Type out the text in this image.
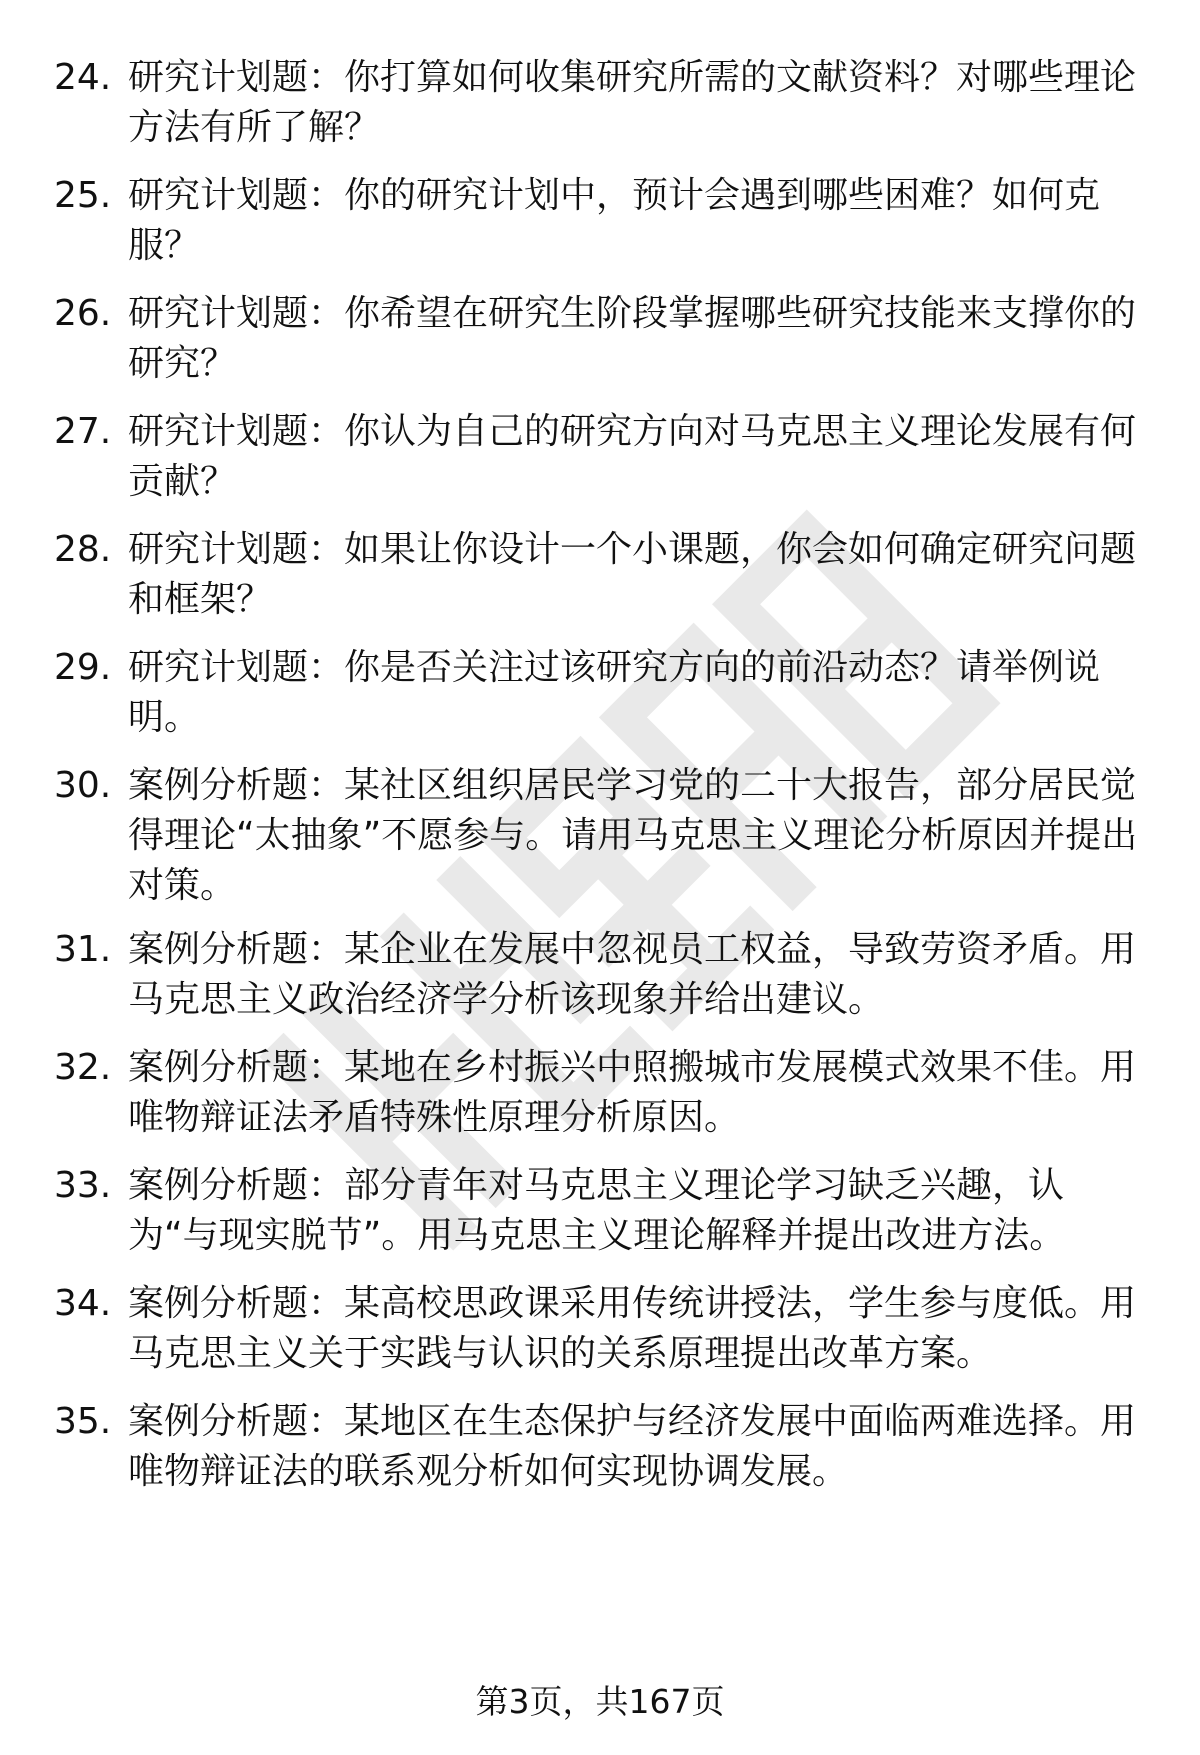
24. 研究计划题：你打算如何收集研究所需的文献资料？对哪些理论方法有所了解？
25. 研究计划题：你的研究计划中，预计会遇到哪些困难？如何克服？
26. 研究计划题：你希望在研究生阶段掌握哪些研究技能来支撑你的研究？
27. 研究计划题：你认为自己的研究方向对马克思主义理论发展有何贡献？
28. 研究计划题：如果让你设计一个小课题，你会如何确定研究问题和框架？
29. 研究计划题：你是否关注过该研究方向的前沿动态？请举例说明。
30. 案例分析题：某社区组织居民学习党的二十大报告，部分居民觉得理论“太抽象”不愿参与。请用马克思主义理论分析原因并提出对策。
31. 案例分析题：某企业在发展中忽视员工权益，导致劳资矛盾。用马克思主义政治经济学分析该现象并给出建议。
32. 案例分析题：某地在乡村振兴中照搬城市发展模式效果不佳。用唯物辩证法矛盾特殊性原理分析原因。
33. 案例分析题：部分青年对马克思主义理论学习缺乏兴趣，认为“与现实脱节”。用马克思主义理论解释并提出改进方法。
34. 案例分析题：某高校思政课采用传统讲授法，学生参与度低。用马克思主义关于实践与认识的关系原理提出改革方案。
35. 案例分析题：某地区在生态保护与经济发展中面临两难选择。用唯物辩证法的联系观分析如何实现协调发展。
第3页，共167页
